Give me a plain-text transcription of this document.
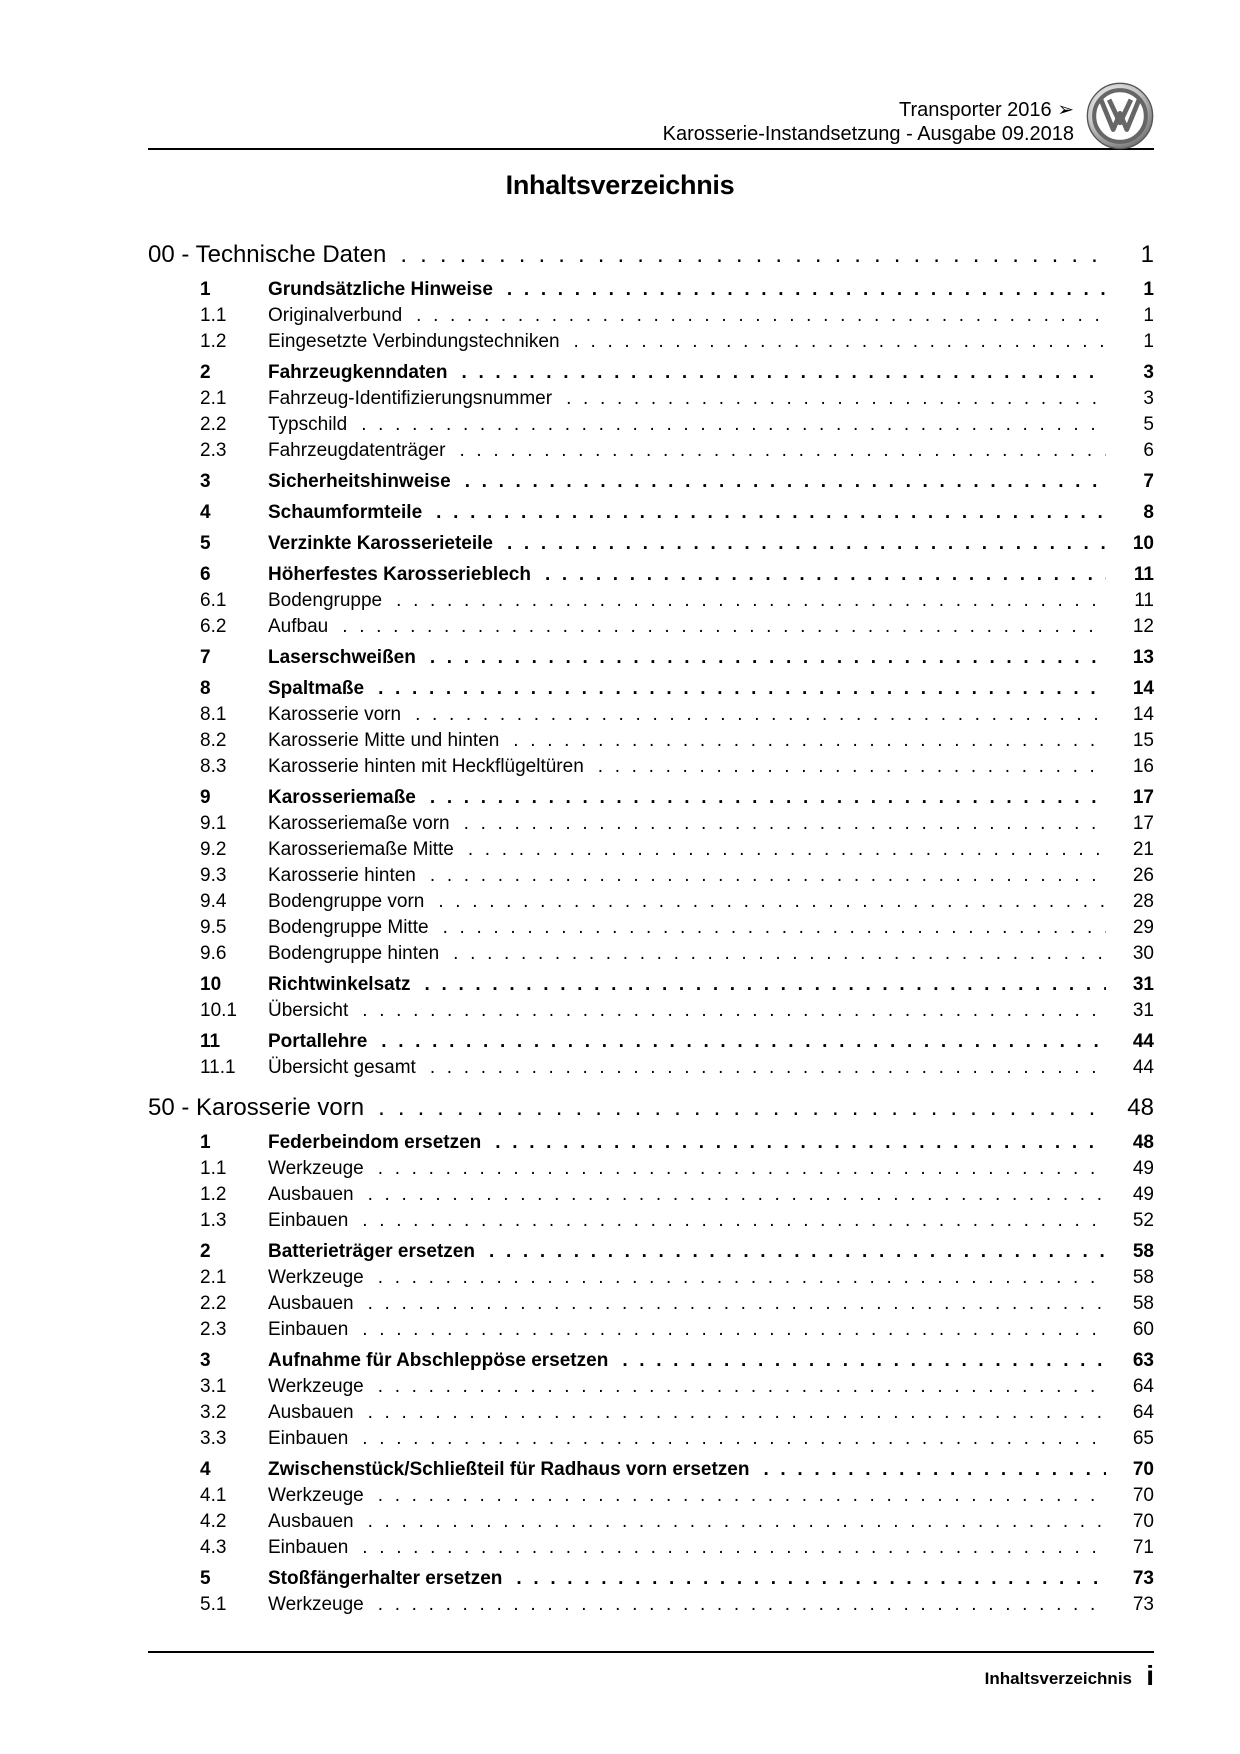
Transporter 2016 ➢
Karosserie-Instandsetzung - Ausgabe 09.2018
Inhaltsverzeichnis
00 - Technische Daten . . .	1
1	Grundsätzliche Hinweise . . .	1
1.1	Originalverbund . . .	1
1.2	Eingesetzte Verbindungstechniken . . .	1
2	Fahrzeugkenndaten . . .	3
2.1	Fahrzeug-Identifizierungsnummer . . .	3
2.2	Typschild . . .	5
2.3	Fahrzeugdatenträger . . .	6
3	Sicherheitshinweise . . .	7
4	Schaumformteile . . .	8
5	Verzinkte Karosserieteile . . .	10
6	Höherfestes Karosserieblech . . .	11
6.1	Bodengruppe . . .	11
6.2	Aufbau . . .	12
7	Laserschweißen . . .	13
8	Spaltmaße . . .	14
8.1	Karosserie vorn . . .	14
8.2	Karosserie Mitte und hinten . . .	15
8.3	Karosserie hinten mit Heckflügeltüren . . .	16
9	Karosseriemaße . . .	17
9.1	Karosseriemaße vorn . . .	17
9.2	Karosseriemaße Mitte . . .	21
9.3	Karosserie hinten . . .	26
9.4	Bodengruppe vorn . . .	28
9.5	Bodengruppe Mitte . . .	29
9.6	Bodengruppe hinten . . .	30
10	Richtwinkelsatz . . .	31
10.1	Übersicht . . .	31
11	Portallehre . . .	44
11.1	Übersicht gesamt . . .	44
50 - Karosserie vorn . . .	48
1	Federbeindom ersetzen . . .	48
1.1	Werkzeuge . . .	49
1.2	Ausbauen . . .	49
1.3	Einbauen . . .	52
2	Batterieträger ersetzen . . .	58
2.1	Werkzeuge . . .	58
2.2	Ausbauen . . .	58
2.3	Einbauen . . .	60
3	Aufnahme für Abschleppöse ersetzen . . .	63
3.1	Werkzeuge . . .	64
3.2	Ausbauen . . .	64
3.3	Einbauen . . .	65
4	Zwischenstück/Schließteil für Radhaus vorn ersetzen . . .	70
4.1	Werkzeuge . . .	70
4.2	Ausbauen . . .	70
4.3	Einbauen . . .	71
5	Stoßfängerhalter ersetzen . . .	73
5.1	Werkzeuge . . .	73
Inhaltsverzeichnis i
